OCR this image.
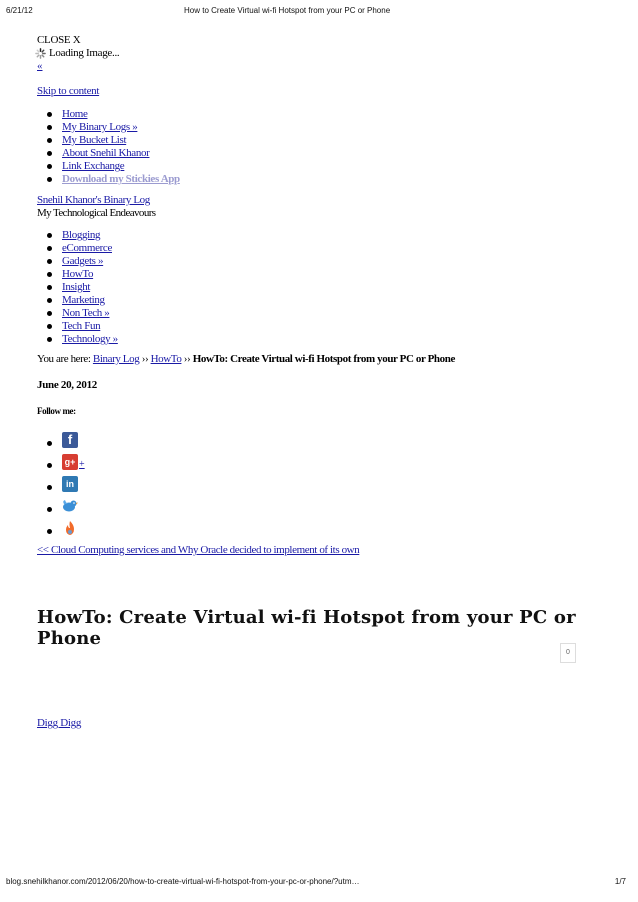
6/21/12	How to Create Virtual wi-fi Hotspot from your PC or Phone
CLOSE X
Loading Image...
«
Skip to content
Home
My Binary Logs »
My Bucket List
About Snehil Khanor
Link Exchange
Download my Stickies App
Snehil Khanor's Binary Log
My Technological Endeavours
Blogging
eCommerce
Gadgets »
HowTo
Insight
Marketing
Non Tech »
Tech Fun
Technology »
You are here: Binary Log ›› HowTo ›› HowTo: Create Virtual wi-fi Hotspot from your PC or Phone
June 20, 2012
Follow me:
f
g+ +
in
<< Cloud Computing services and Why Oracle decided to implement of its own
HowTo: Create Virtual wi-fi Hotspot from your PC or Phone
0
Digg Digg
blog.snehilkhanor.com/2012/06/20/how-to-create-virtual-wi-fi-hotspot-from-your-pc-or-phone/?utm…	1/7
